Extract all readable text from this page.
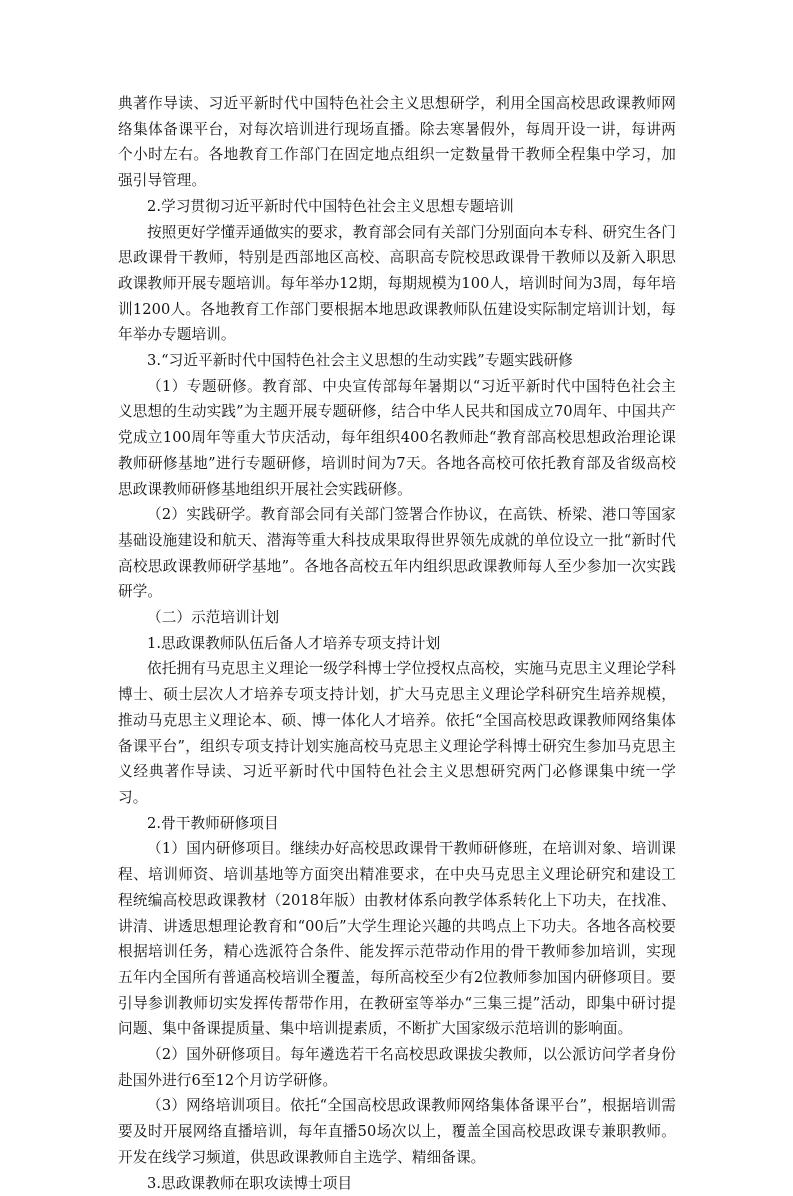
典著作导读、习近平新时代中国特色社会主义思想研学，利用全国高校思政课教师网络集体备课平台，对每次培训进行现场直播。除去寒暑假外，每周开设一讲，每讲两个小时左右。各地教育工作部门在固定地点组织一定数量骨干教师全程集中学习，加强引导管理。

2.学习贯彻习近平新时代中国特色社会主义思想专题培训

按照更好学懂弄通做实的要求，教育部会同有关部门分别面向本专科、研究生各门思政课骨干教师，特别是西部地区高校、高职高专院校思政课骨干教师以及新入职思政课教师开展专题培训。每年举办12期，每期规模为100人，培训时间为3周，每年培训1200人。各地教育工作部门要根据本地思政课教师队伍建设实际制定培训计划，每年举办专题培训。

3.“习近平新时代中国特色社会主义思想的生动实践”专题实践研修

（1）专题研修。教育部、中央宣传部每年暑期以“习近平新时代中国特色社会主义思想的生动实践”为主题开展专题研修，结合中华人民共和国成立70周年、中国共产党成立100周年等重大节庆活动，每年组织400名教师赴“教育部高校思想政治理论课教师研修基地”进行专题研修，培训时间为7天。各地各高校可依托教育部及省级高校思政课教师研修基地组织开展社会实践研修。

（2）实践研学。教育部会同有关部门签署合作协议，在高铁、桥梁、港口等国家基础设施建设和航天、潜海等重大科技成果取得世界领先成就的单位设立一批“新时代高校思政课教师研学基地”。各地各高校五年内组织思政课教师每人至少参加一次实践研学。

（二）示范培训计划

1.思政课教师队伍后备人才培养专项支持计划

依托拥有马克思主义理论一级学科博士学位授权点高校，实施马克思主义理论学科博士、硕士层次人才培养专项支持计划，扩大马克思主义理论学科研究生培养规模，推动马克思主义理论本、硕、博一体化人才培养。依托“全国高校思政课教师网络集体备课平台”，组织专项支持计划实施高校马克思主义理论学科博士研究生参加马克思主义经典著作导读、习近平新时代中国特色社会主义思想研究两门必修课集中统一学习。

2.骨干教师研修项目

（1）国内研修项目。继续办好高校思政课骨干教师研修班，在培训对象、培训课程、培训师资、培训基地等方面突出精准要求，在中央马克思主义理论研究和建设工程统编高校思政课教材（2018年版）由教材体系向教学体系转化上下功夫，在找准、讲清、讲透思想理论教育和“00后”大学生理论兴趣的共鸣点上下功夫。各地各高校要根据培训任务，精心选派符合条件、能发挥示范带动作用的骨干教师参加培训，实现五年内全国所有普通高校培训全覆盖，每所高校至少有2位教师参加国内研修项目。要引导参训教师切实发挥传帮带作用，在教研室等举办“三集三提”活动，即集中研讨提问题、集中备课提质量、集中培训提素质，不断扩大国家级示范培训的影响面。

（2）国外研修项目。每年遴选若干名高校思政课拔尖教师，以公派访问学者身份赴国外进行6至12个月访学研修。

（3）网络培训项目。依托“全国高校思政课教师网络集体备课平台”，根据培训需要及时开展网络直播培训，每年直播50场次以上，覆盖全国高校思政课专兼职教师。开发在线学习频道，供思政课教师自主选学、精细备课。

3.思政课教师在职攻读博士项目
